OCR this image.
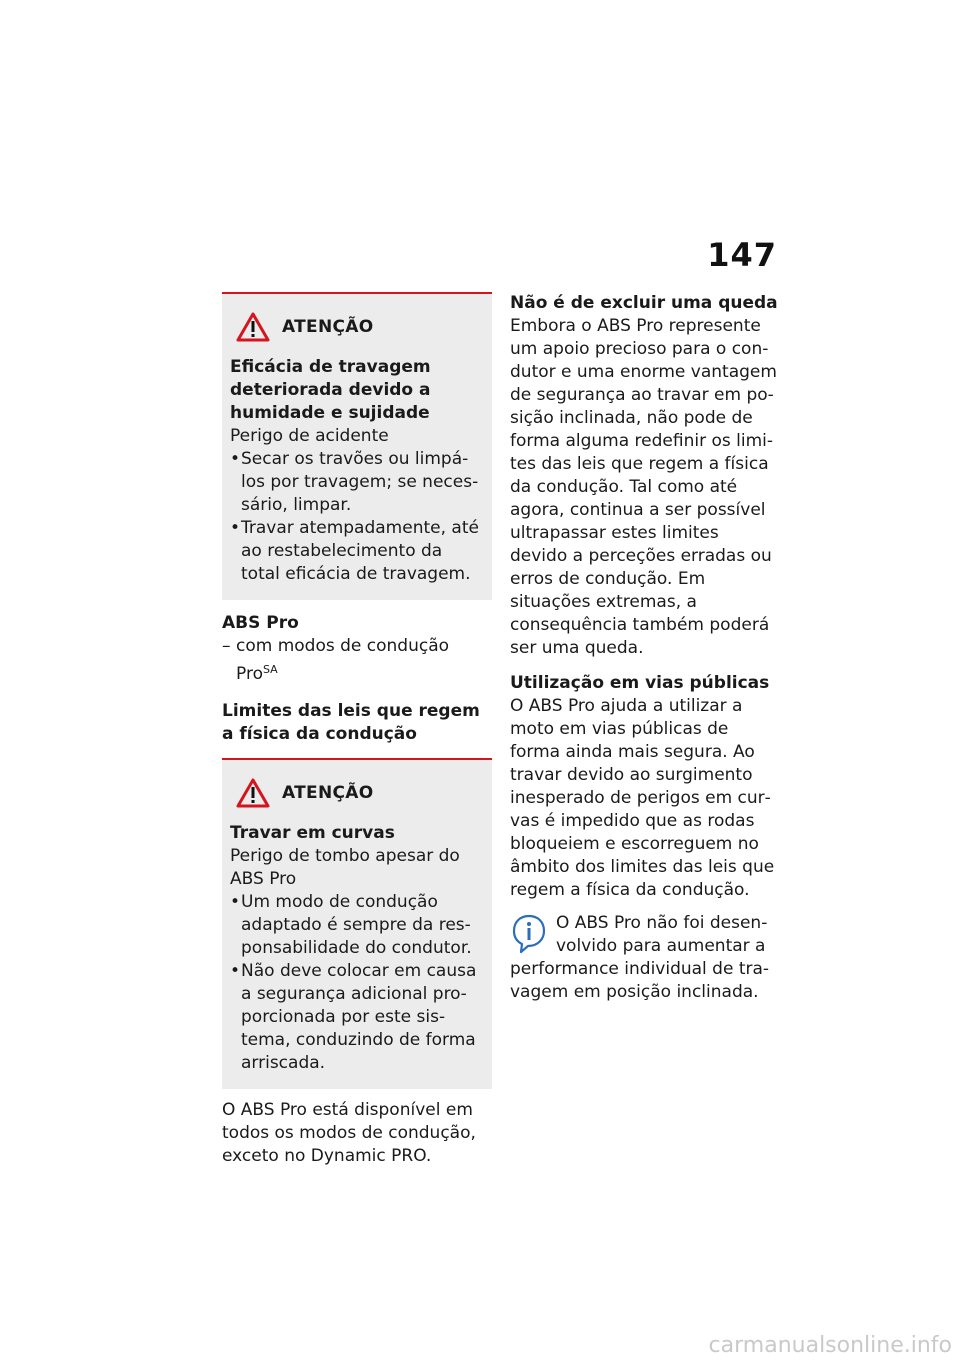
147
ATENÇÃO
Eficácia de travagem deteriorada devido a humidade e sujidade
Perigo de acidente
• Secar os travões ou limpálos por travagem; se necessário, limpar.
• Travar atempadamente, até ao restabelecimento da total eficácia de travagem.
ABS Pro
– com modos de condução Pro$^{SA}$
Limites das leis que regem a física da condução
ATENÇÃO
Travar em curvas
Perigo de tombo apesar do ABS Pro
• Um modo de condução adaptado é sempre da responsabilidade do condutor.
• Não deve colocar em causa a segurança adicional proporcionada por este sistema, conduzindo de forma arriscada.
O ABS Pro está disponível em todos os modos de condução, exceto no Dynamic PRO.
Não é de excluir uma queda
Embora o ABS Pro represente um apoio precioso para o condutor e uma enorme vantagem de segurança ao travar em posição inclinada, não pode de forma alguma redefinir os limites das leis que regem a física da condução. Tal como até agora, continua a ser possível ultrapassar estes limites devido a perceções erradas ou erros de condução. Em situações extremas, a consequência também poderá ser uma queda.
Utilização em vias públicas
O ABS Pro ajuda a utilizar a moto em vias públicas de forma ainda mais segura. Ao travar devido ao surgimento inesperado de perigos em curvas é impedido que as rodas bloqueiem e escorreguem no âmbito dos limites das leis que regem a física da condução.
O ABS Pro não foi desenvolvido para aumentar a performance individual de travagem em posição inclinada.
carmanualsonline.info
